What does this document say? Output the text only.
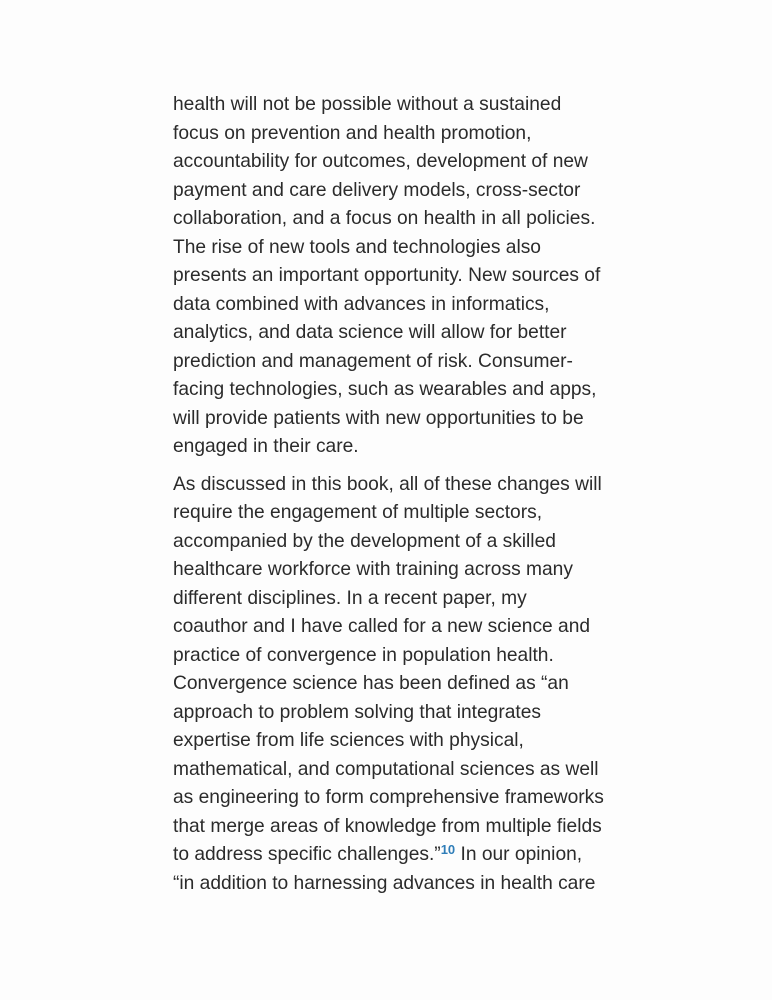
health will not be possible without a sustained
focus on prevention and health promotion,
accountability for outcomes, development of new
payment and care delivery models, cross-sector
collaboration, and a focus on health in all policies.
The rise of new tools and technologies also
presents an important opportunity. New sources of
data combined with advances in informatics,
analytics, and data science will allow for better
prediction and management of risk. Consumer-
facing technologies, such as wearables and apps,
will provide patients with new opportunities to be
engaged in their care.

As discussed in this book, all of these changes will
require the engagement of multiple sectors,
accompanied by the development of a skilled
healthcare workforce with training across many
different disciplines. In a recent paper, my
coauthor and I have called for a new science and
practice of convergence in population health.
Convergence science has been defined as “an
approach to problem solving that integrates
expertise from life sciences with physical,
mathematical, and computational sciences as well
as engineering to form comprehensive frameworks
that merge areas of knowledge from multiple fields
to address specific challenges.”$^{10}$ In our opinion,
“in addition to harnessing advances in health care
